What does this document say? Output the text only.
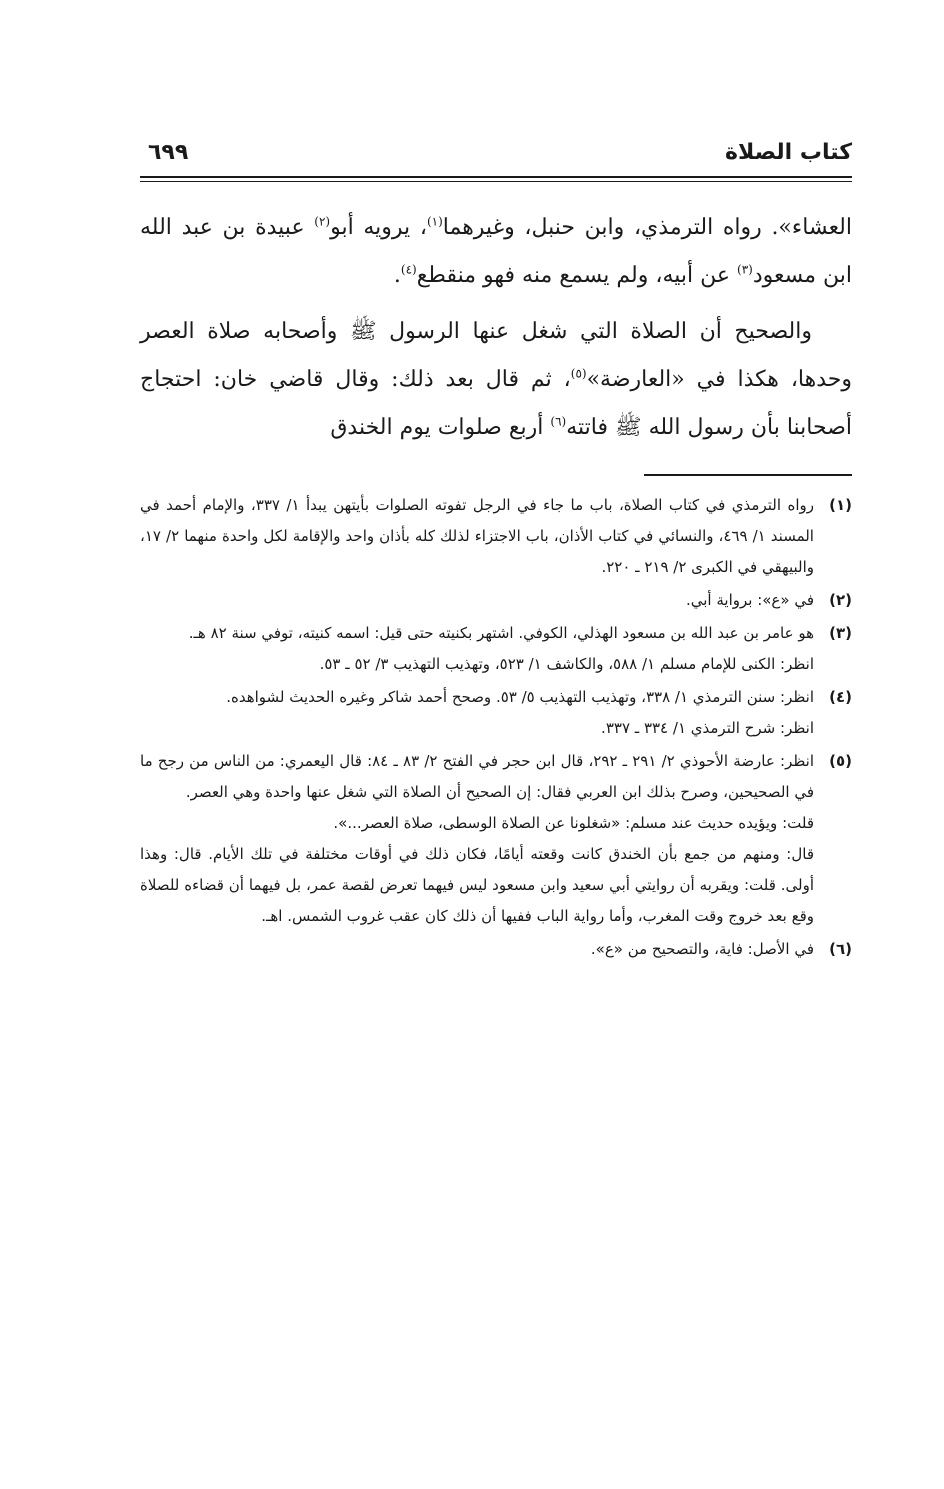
كتاب الصلاة
٦٩٩

العشاء». رواه الترمذي، وابن حنبل، وغيرهما$^{(١)}$، يرويه أبو$^{(٢)}$ عبيدة بن عبد الله ابن مسعود$^{(٣)}$ عن أبيه، ولم يسمع منه فهو منقطع$^{(٤)}$.

والصحيح أن الصلاة التي شغل عنها الرسول ﷺ وأصحابه صلاة العصر وحدها، هكذا في «العارضة»$^{(٥)}$، ثم قال بعد ذلك: وقال قاضي خان: احتجاج أصحابنا بأن رسول الله ﷺ فاتته$^{(٦)}$ أربع صلوات يوم الخندق

(١)

رواه الترمذي في كتاب الصلاة، باب ما جاء في الرجل تفوته الصلوات بأيتهن يبدأ ١/ ٣٣٧، والإمام أحمد في المسند ١/ ٤٦٩، والنسائي في كتاب الأذان، باب الاجتزاء لذلك كله بأذان واحد والإقامة لكل واحدة منهما ٢/ ١٧، والبيهقي في الكبرى ٢/ ٢١٩ ـ ٢٢٠.

(٢)

في «ع»: برواية أبي.

(٣)

هو عامر بن عبد الله بن مسعود الهذلي، الكوفي. اشتهر بكنيته حتى قيل: اسمه كنيته، توفي سنة ٨٢ هـ.

انظر: الكنى للإمام مسلم ١/ ٥٨٨، والكاشف ١/ ٥٢٣، وتهذيب التهذيب ٣/ ٥٢ ـ ٥٣.

(٤)

انظر: سنن الترمذي ١/ ٣٣٨، وتهذيب التهذيب ٥/ ٥٣. وصحح أحمد شاكر وغيره الحديث لشواهده.

انظر: شرح الترمذي ١/ ٣٣٤ ـ ٣٣٧.

(٥)

انظر: عارضة الأحوذي ٢/ ٢٩١ ـ ٢٩٢، قال ابن حجر في الفتح ٢/ ٨٣ ـ ٨٤: قال اليعمري: من الناس من رجح ما في الصحيحين، وصرح بذلك ابن العربي فقال: إن الصحيح أن الصلاة التي شغل عنها واحدة وهي العصر.

قلت: ويؤيده حديث عند مسلم: «شغلونا عن الصلاة الوسطى، صلاة العصر...».

قال: ومنهم من جمع بأن الخندق كانت وقعته أيامًا، فكان ذلك في أوقات مختلفة في تلك الأيام. قال: وهذا أولى. قلت: ويقربه أن روايتي أبي سعيد وابن مسعود ليس فيهما تعرض لقصة عمر، بل فيهما أن قضاءه للصلاة وقع بعد خروج وقت المغرب، وأما رواية الباب ففيها أن ذلك كان عقب غروب الشمس. اهـ.

(٦)

في الأصل: فاية، والتصحيح من «ع».
